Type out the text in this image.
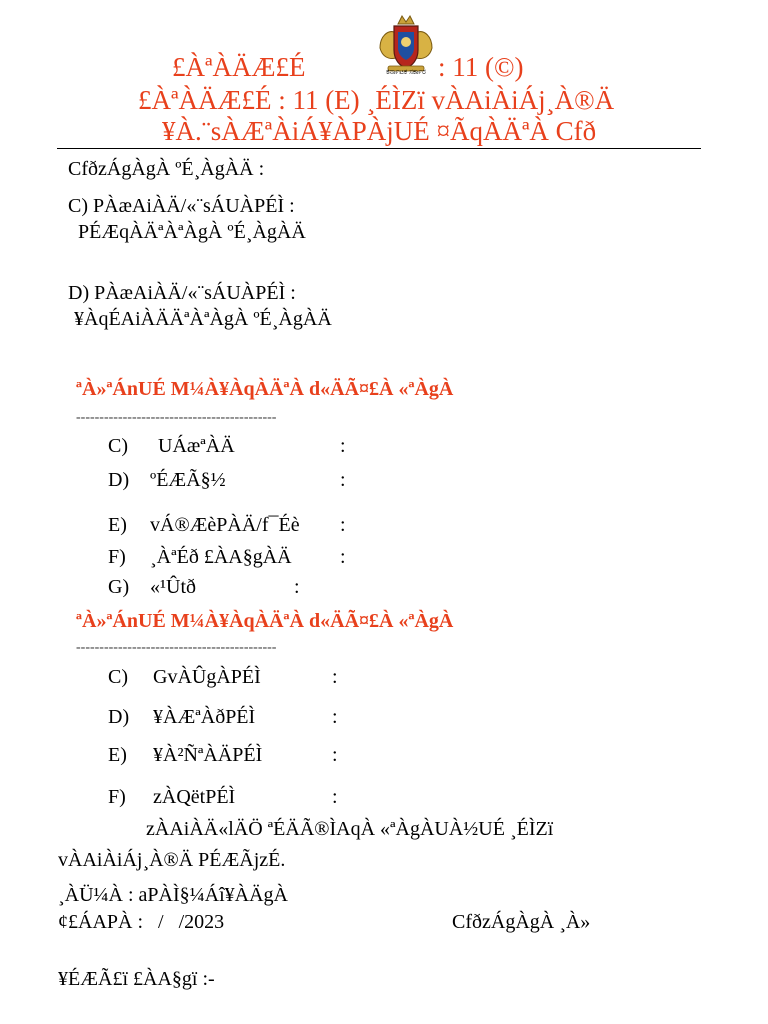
£ÀªÀÄÆ£É	ಕರ್ನಾಟಕ ಸರ್ಕಾರ : 11 (©)
£ÀªÀÄÆ£É : 11 (E) ¸ÉÌZï vÀAiÀiÁj¸À®Ä
¥À.¨sÀÆªÀiÁ¥ÀPÀjUÉ ¤ÃqÀÄªÀ Cfð
CfðzÁgÀgÀ ºÉ¸ÀgÀÄ :
C) PÀæAiÀÄ/«¨sÁUÀPÉÌ :
PÉÆqÀÄªÀªÀgÀ ºÉ¸ÀgÀÄ
D) PÀæAiÀÄ/«¨sÁUÀPÉÌ :
¥ÀqÉAiÀÄÄªÀªÀgÀ ºÉ¸ÀgÀÄ
ªÀ»ªÁnUÉ M¼À¥ÀqÀÄªÀ d«ÄÃ¤£À «ªÀgÀ
-------------------------------------------
C) UÁæªÀÄ	:
D) ºÉÆÃ§½	:
E) vÁ®ÆèPÀÄ/f¯Éè :
F) ¸ÀªÉð £ÀA§gÀÄ :
G) «¹Ûtð	:
ªÀ»ªÁnUÉ M¼À¥ÀqÀÄªÀ d«ÄÃ¤£À «ªÀgÀ
-------------------------------------------
C) GvÀÛgÀPÉÌ	:
D) ¥ÀÆªÀðPÉÌ	:
E) ¥À²ÑªÀÄPÉÌ	:
F) zÀQëtPÉÌ	:
zÀAiÀÄ«lÄÖ ªÉÄÃ®ÌAqÀ «ªÀgÀUÀ½UÉ ¸ÉÌZï
vÀAiÀiÁj¸À®Ä PÉÆÃjzÉ.
¸ÀÜ¼À : aPÀÌ§¼Áî¥ÀÄgÀ
¢£ÁAPÀ :   /   /2023	CfðzÁgÀgÀ ¸À»
¥ÉÆÃ£ï £ÀA§gï :-
